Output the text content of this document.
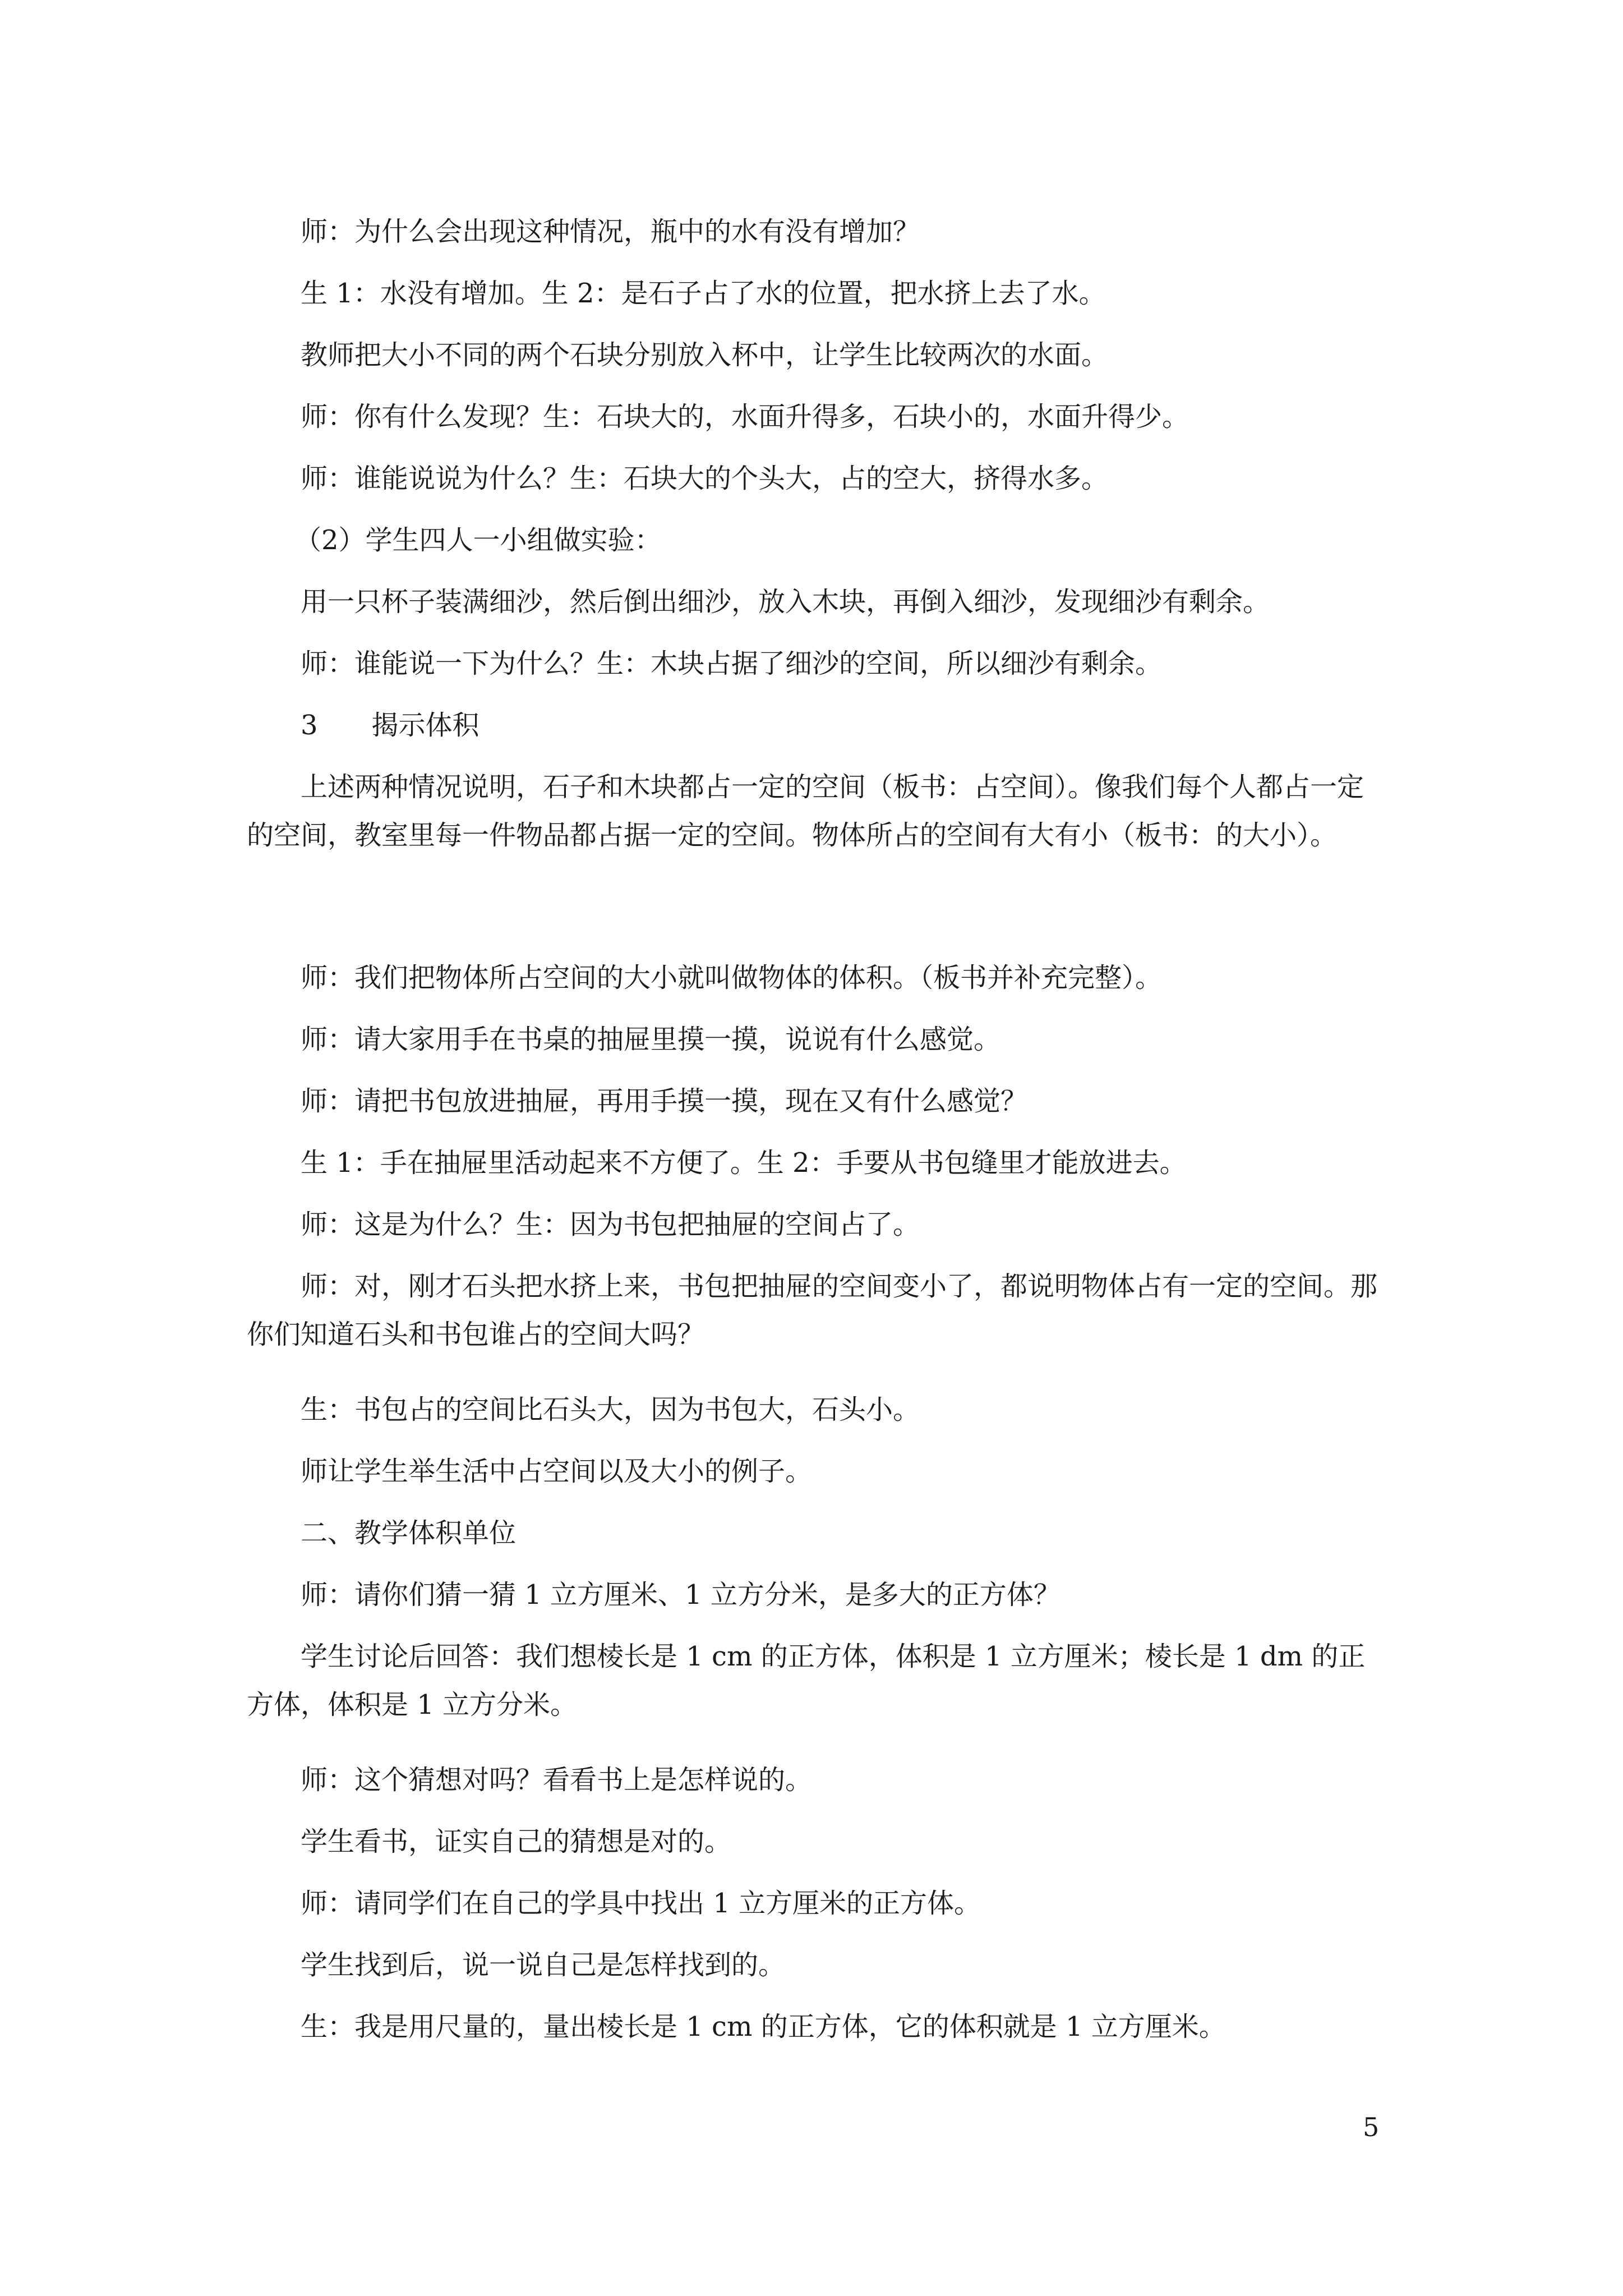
师：为什么会出现这种情况，瓶中的水有没有增加？

生 1：水没有增加。生 2：是石子占了水的位置，把水挤上去了水。

教师把大小不同的两个石块分别放入杯中，让学生比较两次的水面。

师：你有什么发现？生：石块大的，水面升得多，石块小的，水面升得少。

师：谁能说说为什么？生：石块大的个头大，占的空大，挤得水多。

（2）学生四人一小组做实验：

用一只杯子装满细沙，然后倒出细沙，放入木块，再倒入细沙，发现细沙有剩余。

师：谁能说一下为什么？生：木块占据了细沙的空间，所以细沙有剩余。

3　　揭示体积

上述两种情况说明，石子和木块都占一定的空间（板书：占空间）。像我们每个人都占一定的空间，教室里每一件物品都占据一定的空间。物体所占的空间有大有小（板书：的大小）。

师：我们把物体所占空间的大小就叫做物体的体积。（板书并补充完整）。

师：请大家用手在书桌的抽屉里摸一摸，说说有什么感觉。

师：请把书包放进抽屉，再用手摸一摸，现在又有什么感觉？

生 1：手在抽屉里活动起来不方便了。生 2：手要从书包缝里才能放进去。

师：这是为什么？生：因为书包把抽屉的空间占了。

师：对，刚才石头把水挤上来，书包把抽屉的空间变小了，都说明物体占有一定的空间。那你们知道石头和书包谁占的空间大吗？

生：书包占的空间比石头大，因为书包大，石头小。

师让学生举生活中占空间以及大小的例子。

二、教学体积单位

师：请你们猜一猜 1 立方厘米、1 立方分米，是多大的正方体？

学生讨论后回答：我们想棱长是 1 cm 的正方体，体积是 1 立方厘米；棱长是 1 dm 的正方体，体积是 1 立方分米。

师：这个猜想对吗？看看书上是怎样说的。

学生看书，证实自己的猜想是对的。

师：请同学们在自己的学具中找出 1 立方厘米的正方体。

学生找到后，说一说自己是怎样找到的。

生：我是用尺量的，量出棱长是 1 cm 的正方体，它的体积就是 1 立方厘米。

5
